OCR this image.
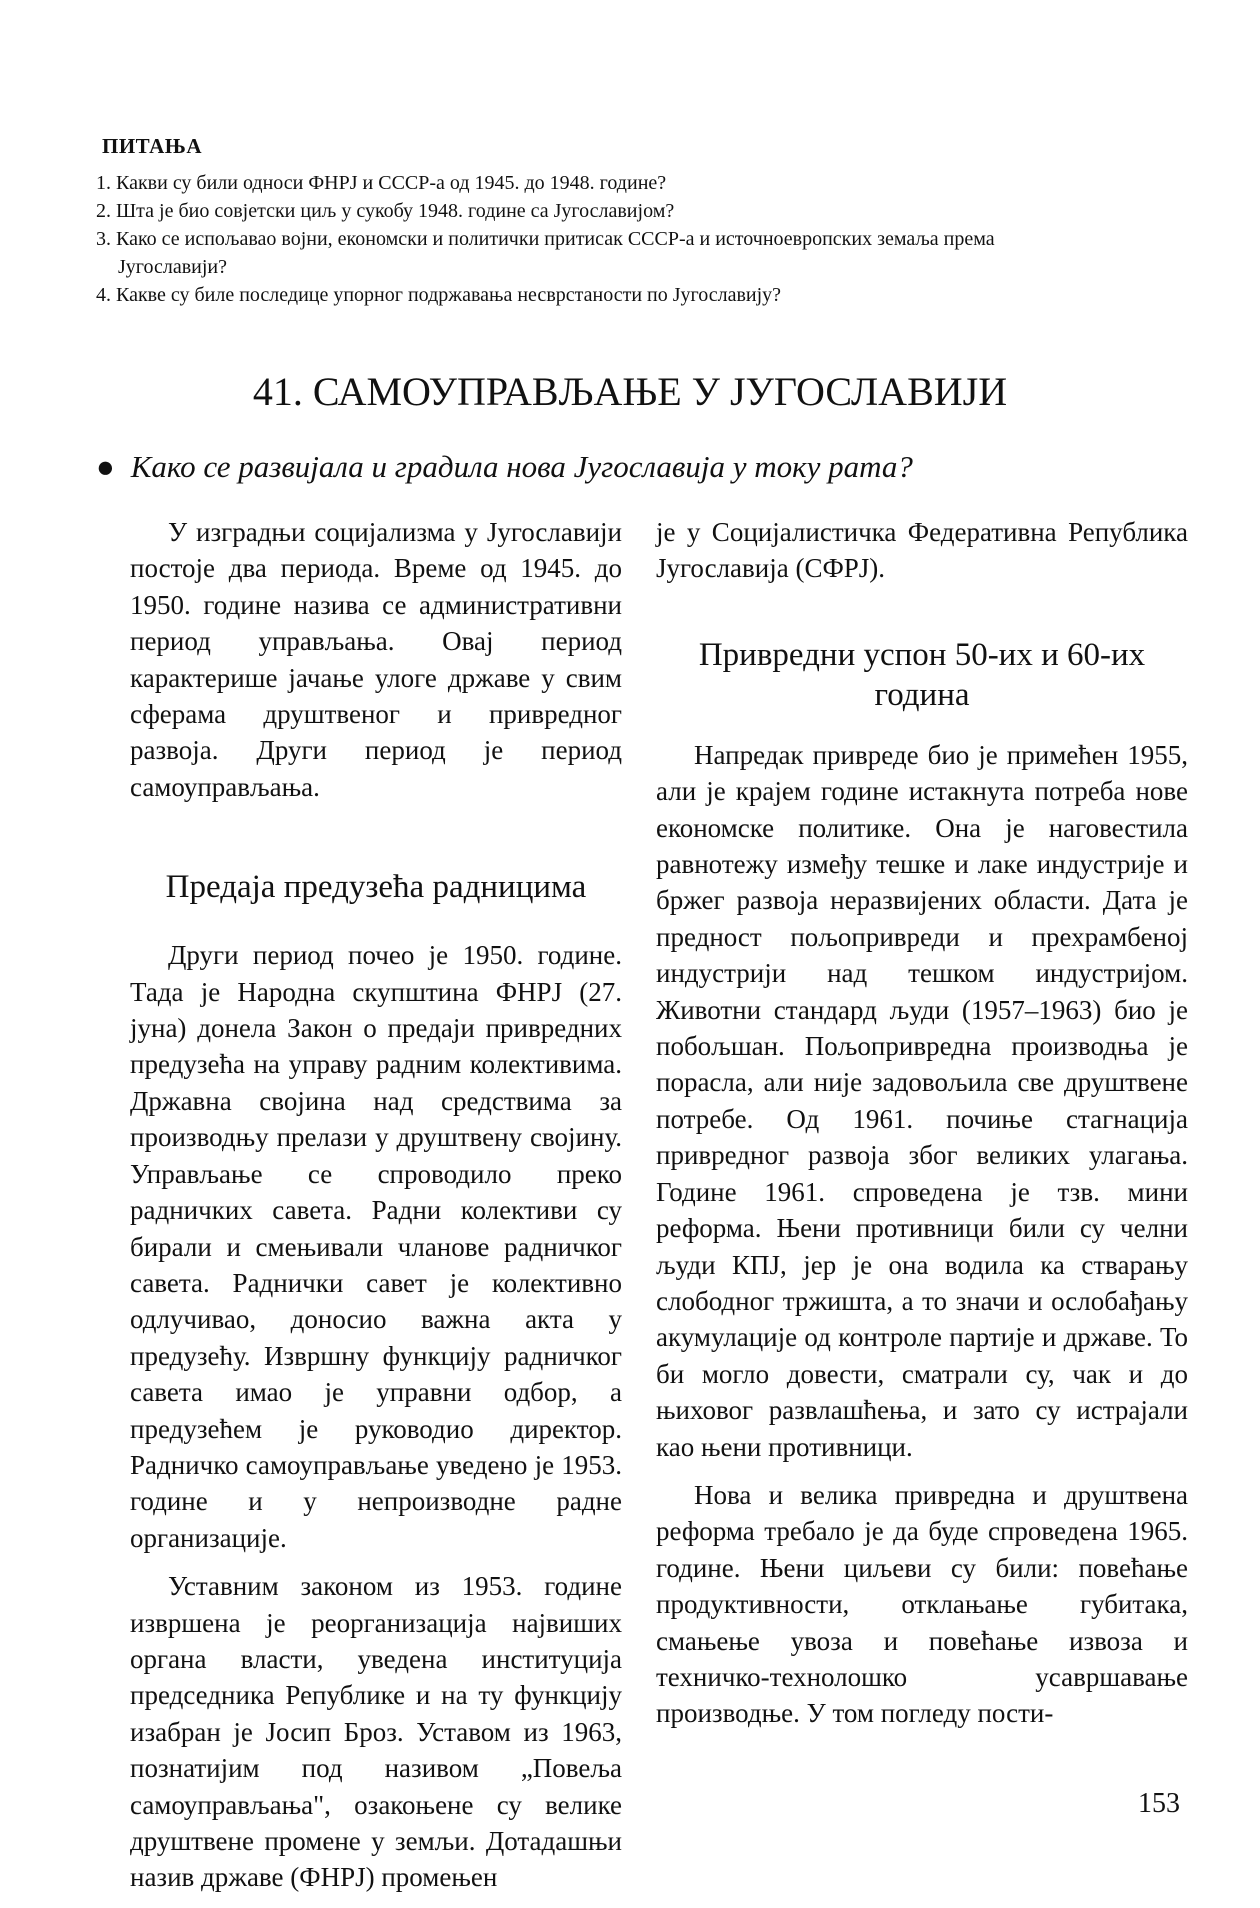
ПИТАЊА

1. Какви су били односи ФНРЈ и СССР-а од 1945. до 1948. године?

2. Шта је био совјетски циљ у сукобу 1948. године са Југославијом?

3. Како се испољавао војни, економски и политички притисак СССР-а и источноевропских земаља према

Југославији?

4. Какве су биле последице упорног подржавања несврстаности по Југославију?

41. САМОУПРАВЉАЊЕ У ЈУГОСЛАВИЈИ

● Како се развијала и градила нова Југославија у току рата?

У изградњи социјализма у Југославији постоје два периода. Време од 1945. до 1950. године назива се административни период управљања. Овај период карактерише јачање улоге државе у свим сферама друштвеног и привредног развоја. Други период је период самоуправљања.

Предаја предузећа радницима

Други период почео је 1950. године. Тада је Народна скупштина ФНРЈ (27. јуна) донела Закон о предаји привредних предузећа на управу радним колективима. Државна својина над средствима за производњу прелази у друштвену својину. Управљање се спроводило преко радничких савета. Радни колективи су бирали и смењивали чланове радничког савета. Раднички савет је колективно одлучивао, доносио важна акта у предузећу. Извршну функцију радничког савета имао је управни одбор, а предузећем је руководио директор. Радничко самоуправљање уведено је 1953. године и у непроизводне радне организације.

Уставним законом из 1953. године извршена је реорганизација највиших органа власти, уведена институција председника Републике и на ту функцију изабран је Јосип Броз. Уставом из 1963, познатијим под називом „Повеља самоуправљања", озакоњене су велике друштвене промене у земљи. Дотадашњи назив државе (ФНРЈ) промењен

је у Социјалистичка Федеративна Република Југославија (СФРЈ).

Привредни успон 50-их и 60-их година

Напредак привреде био је примећен 1955, али је крајем године истакнута потреба нове економске политике. Она је наговестила равнотежу између тешке и лаке индустрије и бржег развоја неразвијених области. Дата је предност пољопривреди и прехрамбеној индустрији над тешком индустријом. Животни стандард људи (1957–1963) био је побољшан. Пољопривредна производња је порасла, али није задовољила све друштвене потребе. Од 1961. почиње стагнација привредног развоја због великих улагања. Године 1961. спроведена је тзв. мини реформа. Њени противници били су челни људи КПЈ, јер је она водила ка стварању слободног тржишта, а то значи и ослобађању акумулације од контроле партије и државе. То би могло довести, сматрали су, чак и до њиховог развлашћења, и зато су истрајали као њени противници.

Нова и велика привредна и друштвена реформа требало је да буде спроведена 1965. године. Њени циљеви су били: повећање продуктивности, отклањање губитака, смањење увоза и повећање извоза и техничко-технолошко усавршавање производње. У том погледу пости-

153
